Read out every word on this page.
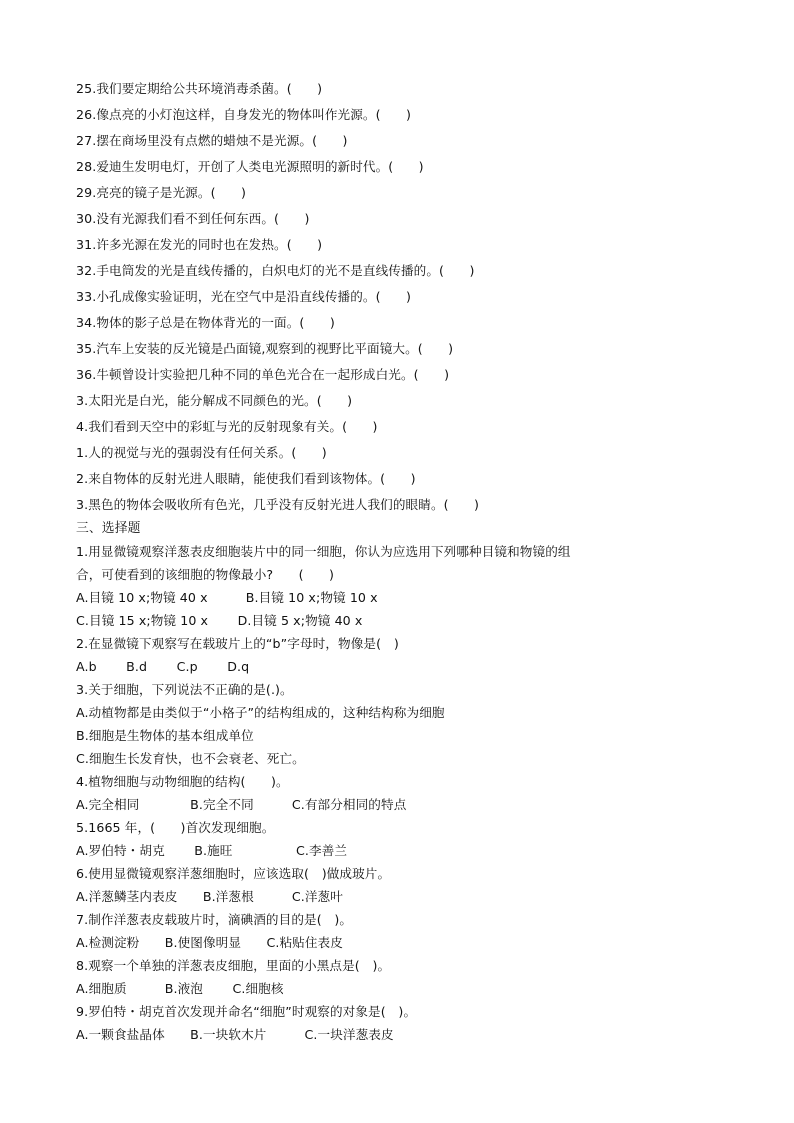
25.我们要定期给公共环境消毒杀菌。(　　)
26.像点亮的小灯泡这样，自身发光的物体叫作光源。(　　)
27.摆在商场里没有点燃的蜡烛不是光源。(　　)
28.爱迪生发明电灯，开创了人类电光源照明的新时代。(　　)
29.亮亮的镜子是光源。(　　)
30.没有光源我们看不到任何东西。(　　)
31.许多光源在发光的同时也在发热。(　　)
32.手电筒发的光是直线传播的，白炽电灯的光不是直线传播的。(　　)
33.小孔成像实验证明，光在空气中是沿直线传播的。(　　)
34.物体的影子总是在物体背光的一面。(　　)
35.汽车上安装的反光镜是凸面镜,观察到的视野比平面镜大。(　　)
36.牛顿曾设计实验把几种不同的单色光合在一起形成白光。(　　)
3.太阳光是白光，能分解成不同颜色的光。(　　)
4.我们看到天空中的彩虹与光的反射现象有关。(　　)
1.人的视觉与光的强弱没有任何关系。(　　)
2.来自物体的反射光进人眼睛，能使我们看到该物体。(　　)
3.黑色的物体会吸收所有色光，几乎没有反射光进人我们的眼睛。(　　)
三、选择题
1.用显微镜观察洋葱表皮细胞装片中的同一细胞，你认为应选用下列哪种目镜和物镜的组
合，可使看到的该细胞的物像最小?　　(　　)
A.目镜 10 x;物镜 40 x　　　B.目镜 10 x;物镜 10 x
C.目镜 15 x;物镜 10 x　　 D.目镜 5 x;物镜 40 x
2.在显微镜下观察写在载玻片上的“b”字母时，物像是(　)
A.b　　 B.d　　 C.p　　 D.q
3.关于细胞，下列说法不正确的是(.)。
A.动植物都是由类似于“小格子”的结构组成的，这种结构称为细胞
B.细胞是生物体的基本组成单位
C.细胞生长发育快，也不会衰老、死亡。
4.植物细胞与动物细胞的结构(　　)。
A.完全相同　　　　B.完全不同　　　C.有部分相同的特点
5.1665 年，(　　)首次发现细胞。
A.罗伯特・胡克　　 B.施旺　　　　　C.李善兰
6.使用显微镜观察洋葱细胞时，应该选取(　)做成玻片。
A.洋葱鳞茎内表皮　　B.洋葱根　　　C.洋葱叶
7.制作洋葱表皮载玻片时，滴碘酒的目的是(　)。
A.检测淀粉　　B.使图像明显　　C.粘贴住表皮
8.观察一个单独的洋葱表皮细胞，里面的小黑点是(　)。
A.细胞质　　　B.液泡　　 C.细胞核
9.罗伯特・胡克首次发现并命名“细胞”时观察的对象是(　)。
A.一颗食盐晶体　　B.一块软木片　　　C.一块洋葱表皮
